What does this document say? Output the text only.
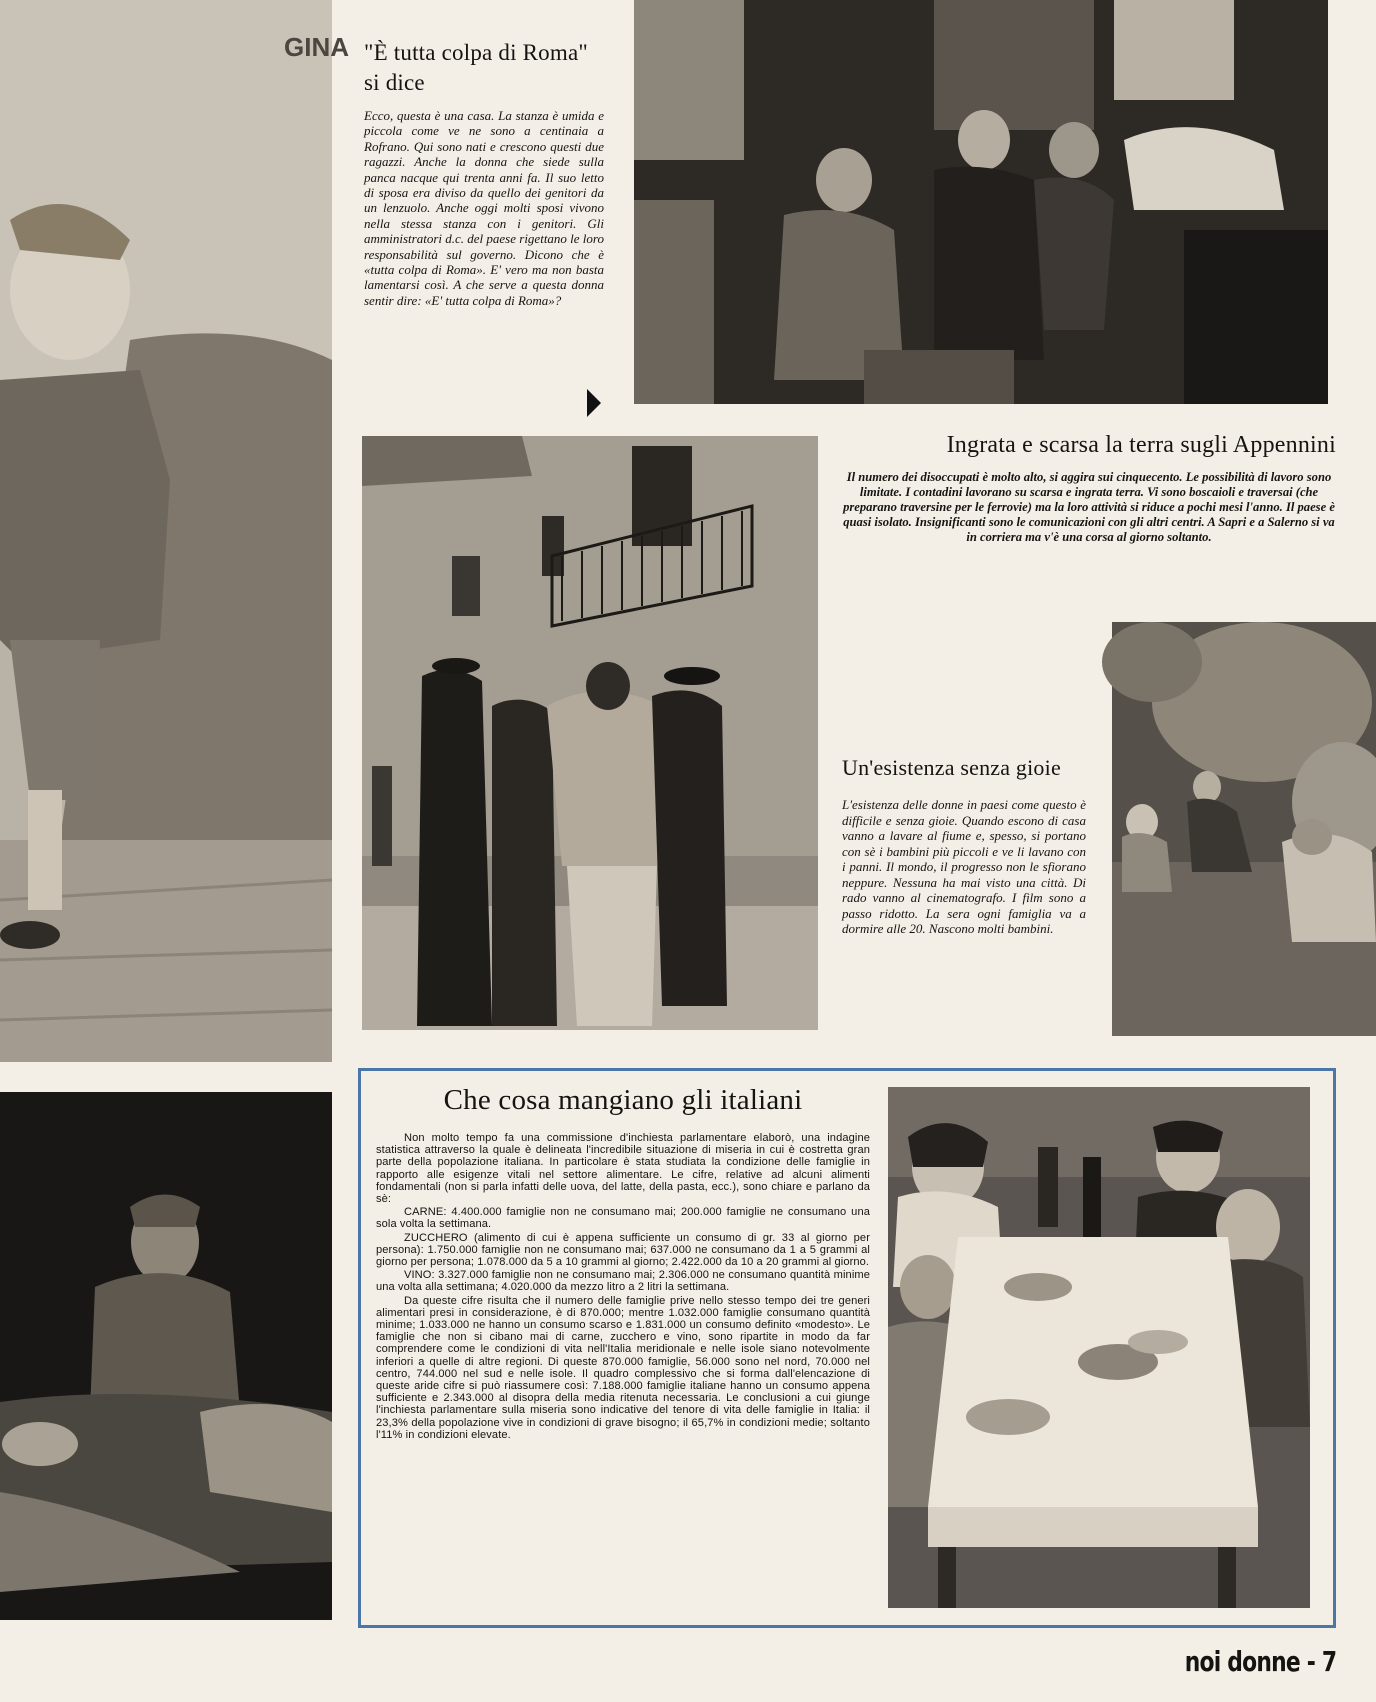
GINA "È tutta colpa di Roma" si dice

Ecco, questa è una casa. La stanza è umida e piccola come ve ne sono a centinaia a Rofrano. Qui sono nati e crescono questi due ragazzi. Anche la donna che siede sulla panca nacque qui trenta anni fa. Il suo letto di sposa era diviso da quello dei genitori da un lenzuolo. Anche oggi molti sposi vivono nella stessa stanza con i genitori. Gli amministratori d.c. del paese rigettano le loro responsabilità sul governo. Dicono che è «tutta colpa di Roma». E' vero ma non basta lamentarsi così. A che serve a questa donna sentir dire: «E' tutta colpa di Roma»?

Ingrata e scarsa la terra sugli Appennini

Il numero dei disoccupati è molto alto, si aggira sui cinquecento. Le possibilità di lavoro sono limitate. I contadini lavorano su scarsa e ingrata terra. Vi sono boscaioli e traversai (che preparano traversine per le ferrovie) ma la loro attività si riduce a pochi mesi l'anno. Il paese è quasi isolato. Insignificanti sono le comunicazioni con gli altri centri. A Sapri e a Salerno si va in corriera ma v'è una corsa al giorno soltanto.

Un'esistenza senza gioie

L'esistenza delle donne in paesi come questo è difficile e senza gioie. Quando escono di casa vanno a lavare al fiume e, spesso, si portano con sè i bambini più piccoli e ve li lavano con i panni. Il mondo, il progresso non le sfiorano neppure. Nessuna ha mai visto una città. Di rado vanno al cinematografo. I film sono a passo ridotto. La sera ogni famiglia va a dormire alle 20. Nascono molti bambini.

Che cosa mangiano gli italiani

Non molto tempo fa una commissione d'inchiesta parlamentare elaborò, una indagine statistica attraverso la quale è delineata l'incredibile situazione di miseria in cui è costretta gran parte della popolazione italiana. In particolare è stata studiata la condizione delle famiglie in rapporto alle esigenze vitali nel settore alimentare. Le cifre, relative ad alcuni alimenti fondamentali (non si parla infatti delle uova, del latte, della pasta, ecc.), sono chiare e parlano da sè:

CARNE: 4.400.000 famiglie non ne consumano mai; 200.000 famiglie ne consumano una sola volta la settimana.

ZUCCHERO (alimento di cui è appena sufficiente un consumo di gr. 33 al giorno per persona): 1.750.000 famiglie non ne consumano mai; 637.000 ne consumano da 1 a 5 grammi al giorno per persona; 1.078.000 da 5 a 10 grammi al giorno; 2.422.000 da 10 a 20 grammi al giorno.

VINO: 3.327.000 famiglie non ne consumano mai; 2.306.000 ne consumano quantità minime una volta alla settimana; 4.020.000 da mezzo litro a 2 litri la settimana.

Da queste cifre risulta che il numero delle famiglie prive nello stesso tempo dei tre generi alimentari presi in considerazione, è di 870.000; mentre 1.032.000 famiglie consumano quantità minime; 1.033.000 ne hanno un consumo scarso e 1.831.000 un consumo definito «modesto». Le famiglie che non si cibano mai di carne, zucchero e vino, sono ripartite in modo da far comprendere come le condizioni di vita nell'Italia meridionale e nelle isole siano notevolmente inferiori a quelle di altre regioni. Di queste 870.000 famiglie, 56.000 sono nel nord, 70.000 nel centro, 744.000 nel sud e nelle isole. Il quadro complessivo che si forma dall'elencazione di queste aride cifre si può riassumere così: 7.188.000 famiglie italiane hanno un consumo appena sufficiente e 2.343.000 al disopra della media ritenuta necessaria. Le conclusioni a cui giunge l'inchiesta parlamentare sulla miseria sono indicative del tenore di vita delle famiglie in Italia: il 23,3% della popolazione vive in condizioni di grave bisogno; il 65,7% in condizioni medie; soltanto l'11% in condizioni elevate.

noi donne - 7
